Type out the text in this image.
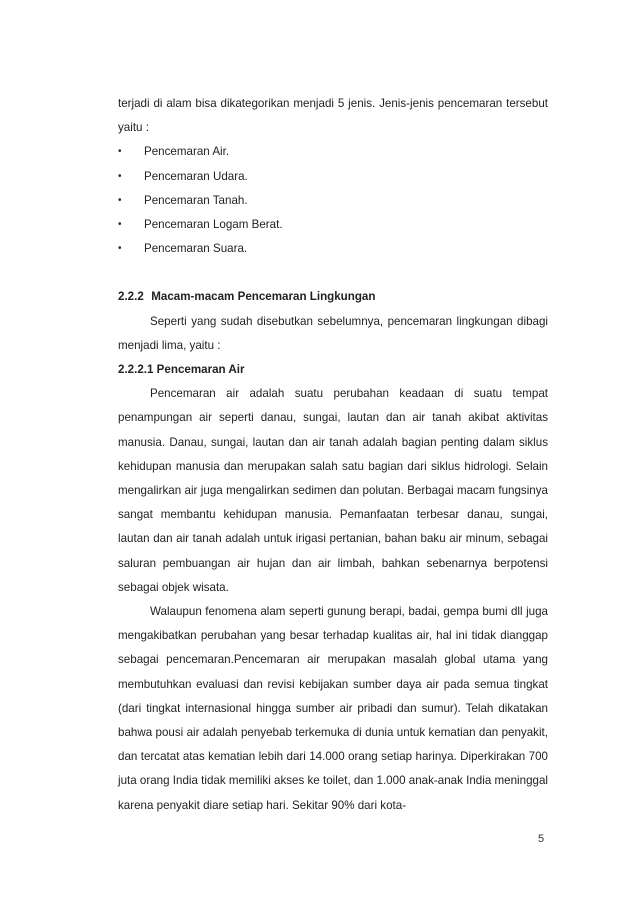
terjadi di alam bisa dikategorikan menjadi 5 jenis. Jenis-jenis pencemaran tersebut yaitu :

• Pencemaran Air.
• Pencemaran Udara.
• Pencemaran Tanah.
• Pencemaran Logam Berat.
• Pencemaran Suara.
2.2.2 Macam-macam Pencemaran Lingkungan

Seperti yang sudah disebutkan sebelumnya, pencemaran lingkungan dibagi menjadi lima, yaitu :

2.2.2.1 Pencemaran Air

Pencemaran air adalah suatu perubahan keadaan di suatu tempat penampungan air seperti danau, sungai, lautan dan air tanah akibat aktivitas manusia. Danau, sungai, lautan dan air tanah adalah bagian penting dalam siklus kehidupan manusia dan merupakan salah satu bagian dari siklus hidrologi. Selain mengalirkan air juga mengalirkan sedimen dan polutan. Berbagai macam fungsinya sangat membantu kehidupan manusia. Pemanfaatan terbesar danau, sungai, lautan dan air tanah adalah untuk irigasi pertanian, bahan baku air minum, sebagai saluran pembuangan air hujan dan air limbah, bahkan sebenarnya berpotensi sebagai objek wisata.

Walaupun fenomena alam seperti gunung berapi, badai, gempa bumi dll juga mengakibatkan perubahan yang besar terhadap kualitas air, hal ini tidak dianggap sebagai pencemaran.Pencemaran air merupakan masalah global utama yang membutuhkan evaluasi dan revisi kebijakan sumber daya air pada semua tingkat (dari tingkat internasional hingga sumber air pribadi dan sumur). Telah dikatakan bahwa pousi air adalah penyebab terkemuka di dunia untuk kematian dan penyakit, dan tercatat atas kematian lebih dari 14.000 orang setiap harinya. Diperkirakan 700 juta orang India tidak memiliki akses ke toilet, dan 1.000 anak-anak India meninggal karena penyakit diare setiap hari. Sekitar 90% dari kota-

5
